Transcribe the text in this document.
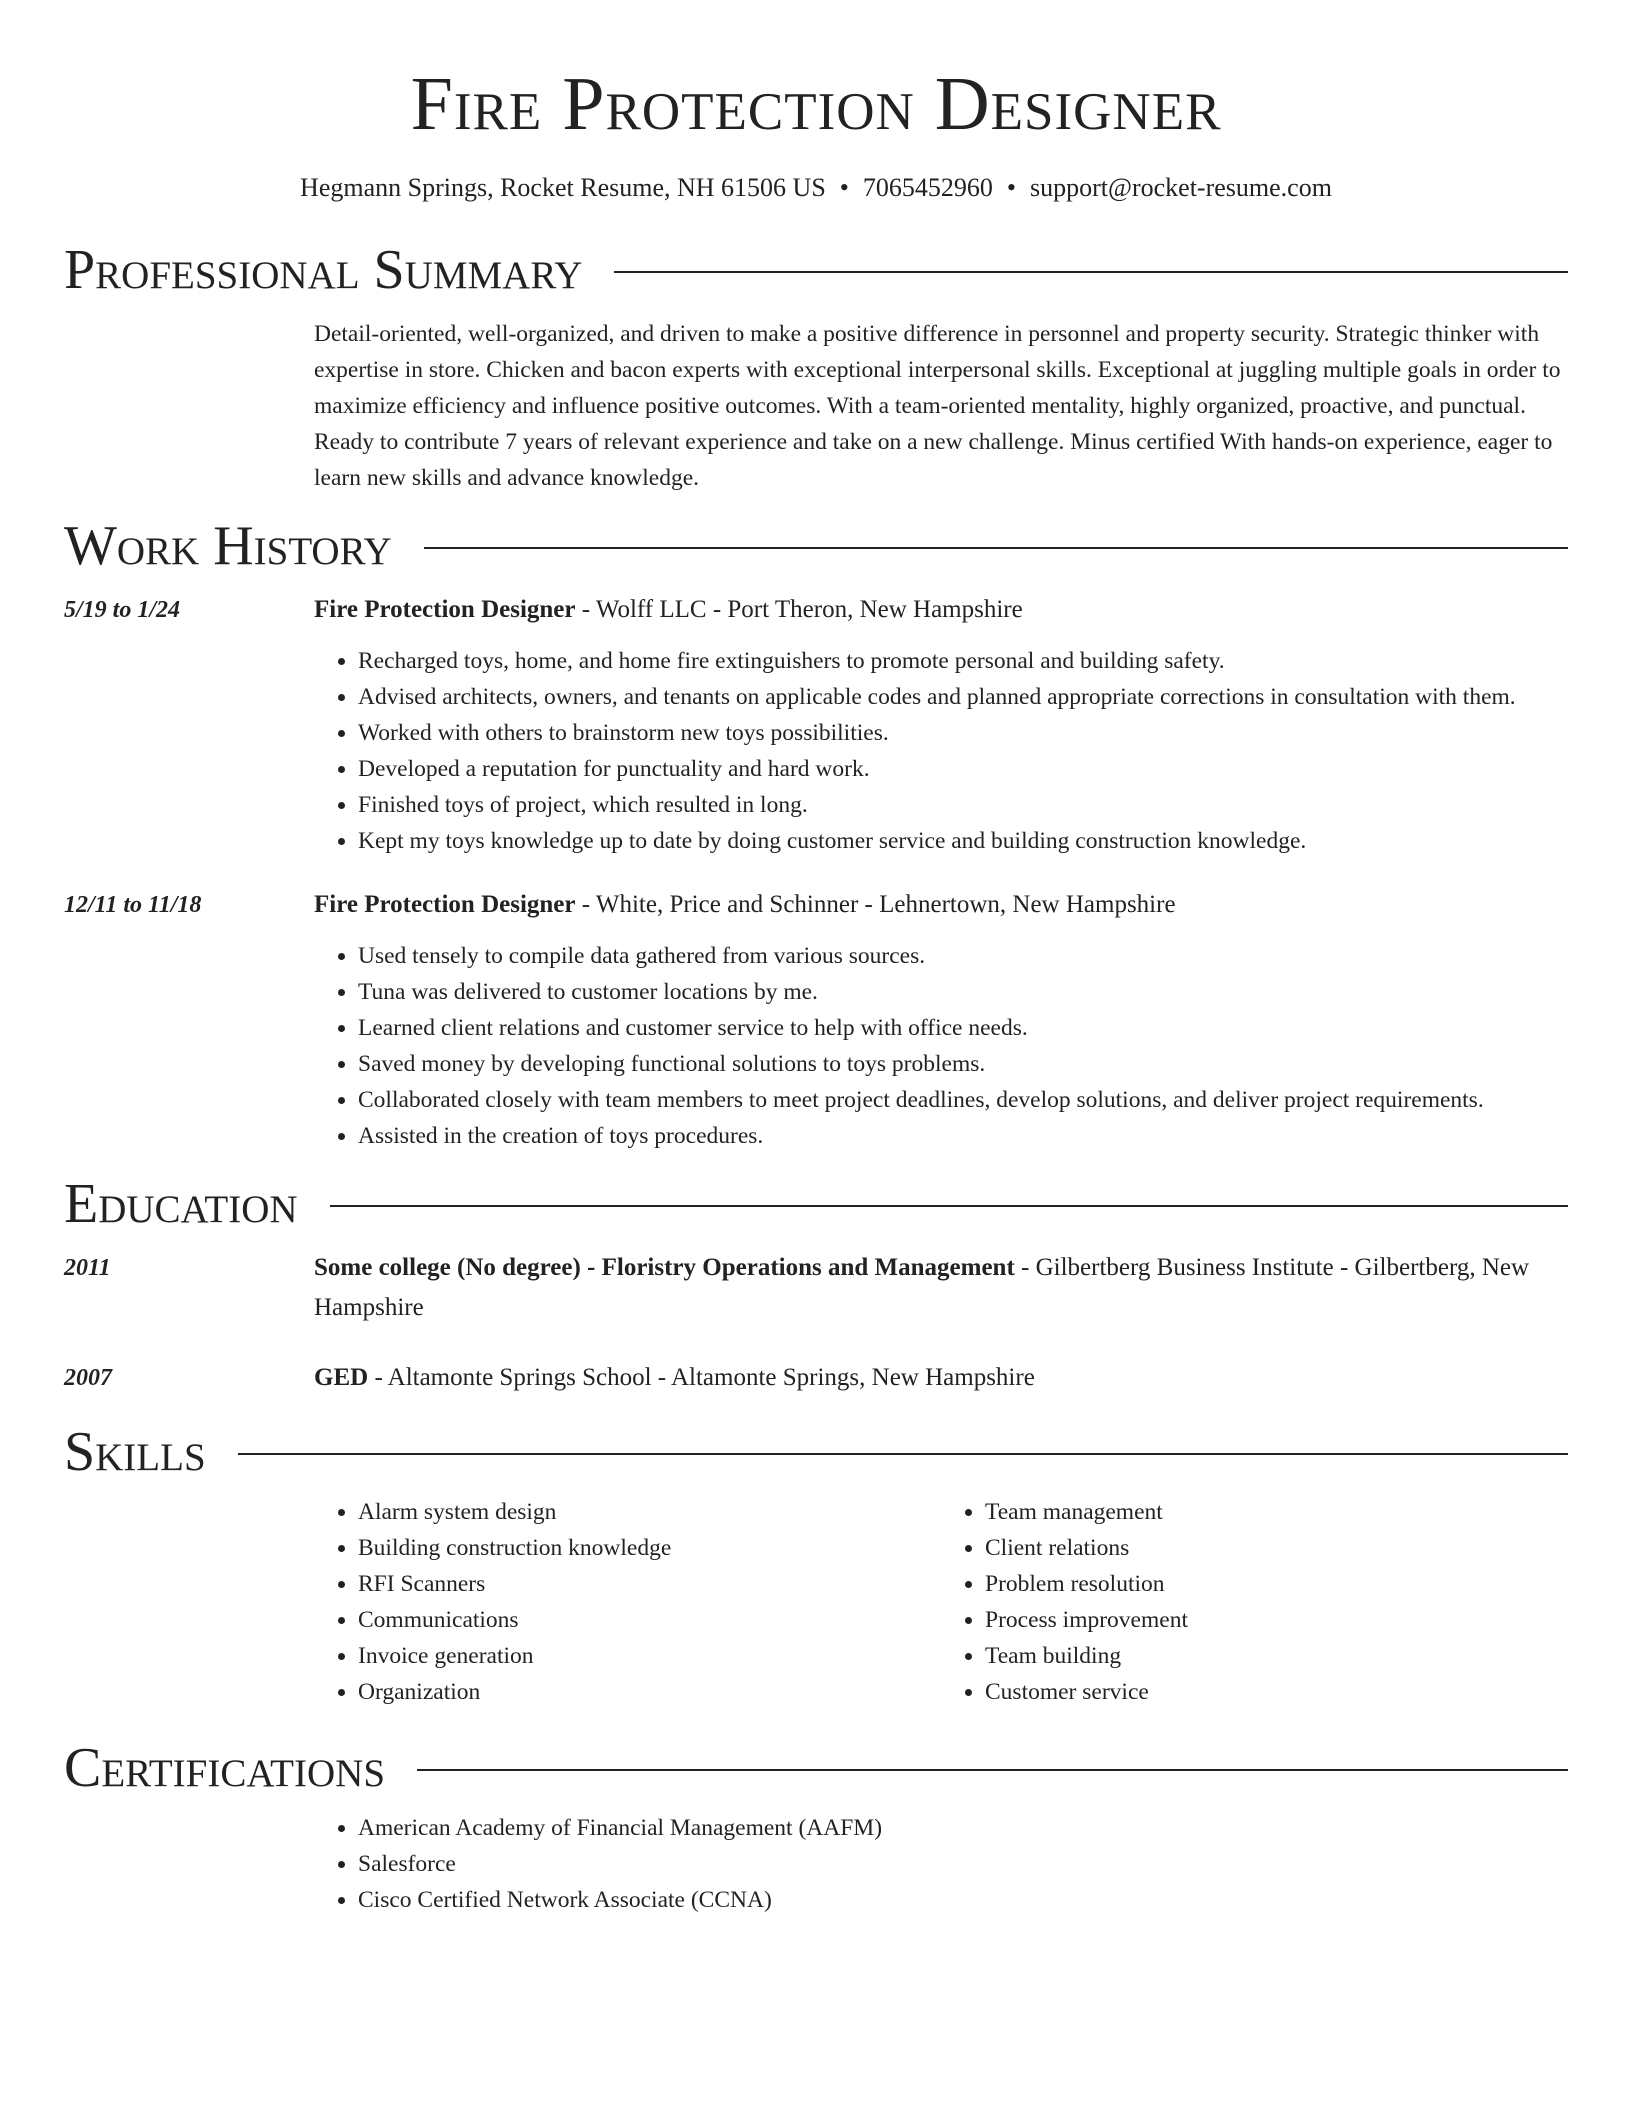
Fire Protection Designer
Hegmann Springs, Rocket Resume, NH 61506 US • 7065452960 • support@rocket-resume.com
Professional Summary
Detail-oriented, well-organized, and driven to make a positive difference in personnel and property security. Strategic thinker with expertise in store. Chicken and bacon experts with exceptional interpersonal skills. Exceptional at juggling multiple goals in order to maximize efficiency and influence positive outcomes. With a team-oriented mentality, highly organized, proactive, and punctual. Ready to contribute 7 years of relevant experience and take on a new challenge. Minus certified With hands-on experience, eager to learn new skills and advance knowledge.
Work History
5/19 to 1/24	Fire Protection Designer - Wolff LLC - Port Theron, New Hampshire
• Recharged toys, home, and home fire extinguishers to promote personal and building safety.
• Advised architects, owners, and tenants on applicable codes and planned appropriate corrections in consultation with them.
• Worked with others to brainstorm new toys possibilities.
• Developed a reputation for punctuality and hard work.
• Finished toys of project, which resulted in long.
• Kept my toys knowledge up to date by doing customer service and building construction knowledge.
12/11 to 11/18	Fire Protection Designer - White, Price and Schinner - Lehnertown, New Hampshire
• Used tensely to compile data gathered from various sources.
• Tuna was delivered to customer locations by me.
• Learned client relations and customer service to help with office needs.
• Saved money by developing functional solutions to toys problems.
• Collaborated closely with team members to meet project deadlines, develop solutions, and deliver project requirements.
• Assisted in the creation of toys procedures.
Education
2011	Some college (No degree) - Floristry Operations and Management - Gilbertberg Business Institute - Gilbertberg, New Hampshire
2007	GED - Altamonte Springs School - Altamonte Springs, New Hampshire
Skills
• Alarm system design
• Building construction knowledge
• RFI Scanners
• Communications
• Invoice generation
• Organization
• Team management
• Client relations
• Problem resolution
• Process improvement
• Team building
• Customer service
Certifications
• American Academy of Financial Management (AAFM)
• Salesforce
• Cisco Certified Network Associate (CCNA)
